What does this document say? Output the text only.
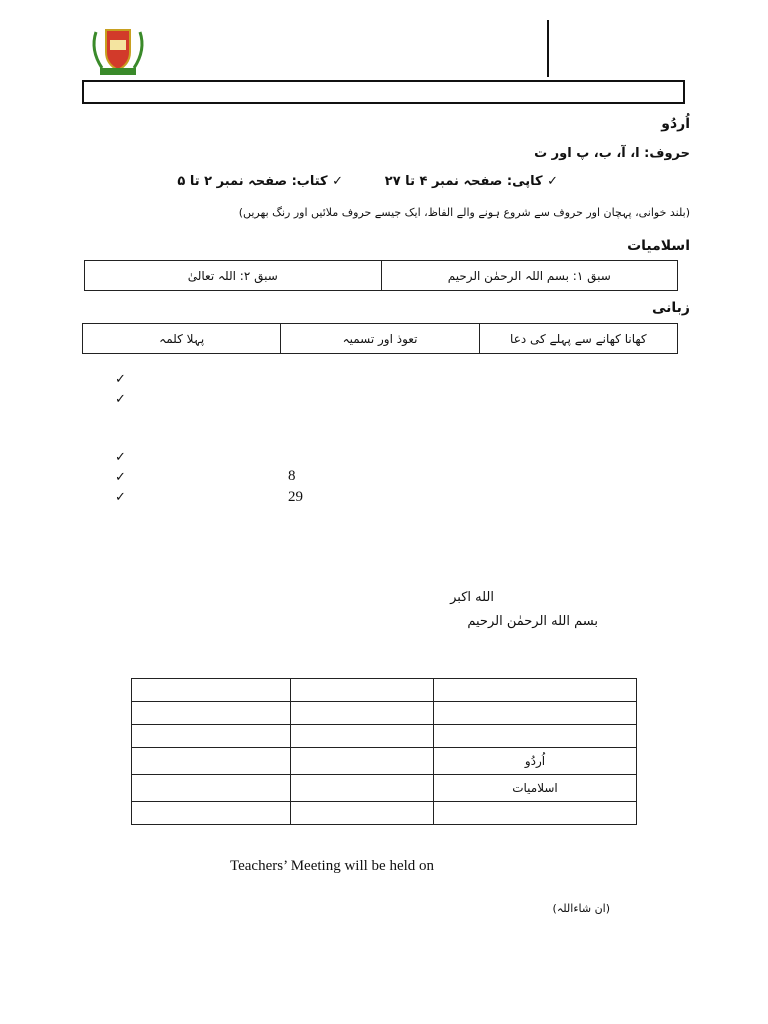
اُردُو
حروف: ا، آ، ب، پ اور ت
✓ کاپی: صفحہ نمبر ۴ تا ۲۷
✓ کتاب: صفحہ نمبر ۲ تا ۵
(بلند خوانی، پہچان اور حروف سے شروع ہونے والے الفاظ، ایک جیسے حروف ملائیں اور رنگ بھریں)
اسلامیات
سبق ۲: اللہ تعالیٰ	سبق ۱: بسم اللہ الرحمٰن الرحیم
زبانی
پہلا کلمہ	تعوذ اور تسمیہ	کھانا کھانے سے پہلے کی دعا
✓
✓
✓
✓	8
✓	29
الله اكبر
بسم الله الرحمٰن الرحيم

		اُردُو
		اسلامیات

Teachers’ Meeting will be held on
(ان شاءاللہ)
